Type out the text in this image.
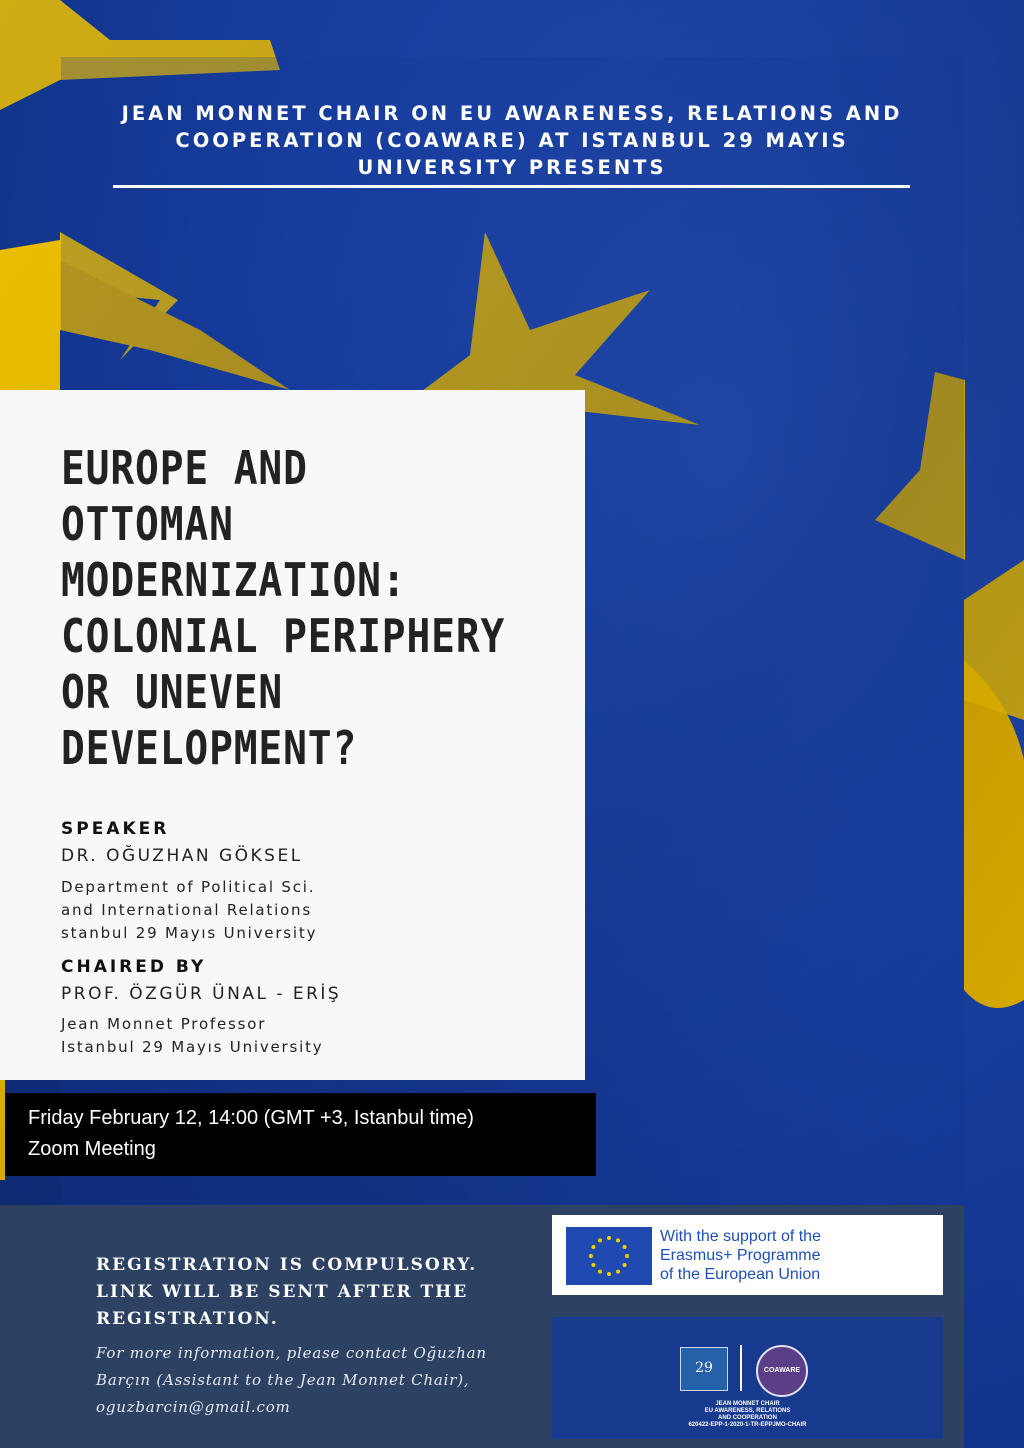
JEAN MONNET CHAIR ON EU AWARENESS, RELATIONS AND
COOPERATION (COAWARE) AT ISTANBUL 29 MAYIS
UNIVERSITY PRESENTS
EUROPE AND
OTTOMAN
MODERNIZATION:
COLONIAL PERIPHERY
OR UNEVEN
DEVELOPMENT?
SPEAKER
DR. OĞUZHAN GÖKSEL
Department of Political Sci.
and International Relations
stanbul 29 Mayıs University
CHAIRED BY
PROF. ÖZGÜR ÜNAL - ERİŞ
Jean Monnet Professor
Istanbul 29 Mayıs University
Friday February 12, 14:00 (GMT +3, Istanbul time)
Zoom Meeting
REGISTRATION IS COMPULSORY.
LINK WILL BE SENT AFTER THE
REGISTRATION.
For more information, please contact Oğuzhan
Barçın (Assistant to the Jean Monnet Chair),
oguzbarcin@gmail.com
With the support of the
Erasmus+ Programme
of the European Union
29	COAWARE
JEAN MONNET CHAIR
EU AWARENESS, RELATIONS
AND COOPERATION
620422-EPP-1-2020-1-TR-EPPJMO-CHAIR
